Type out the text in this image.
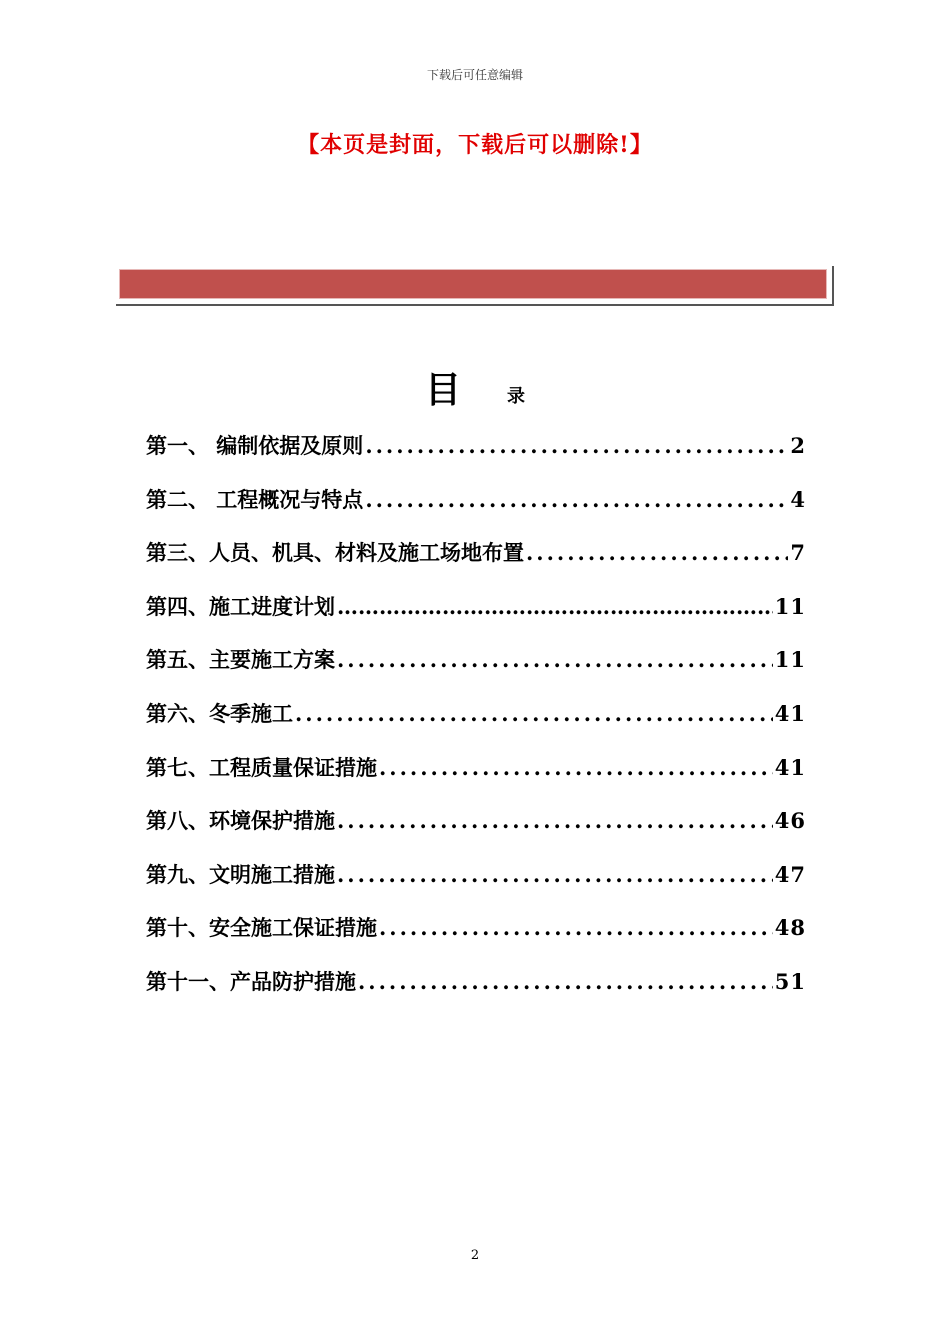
下载后可任意编辑
【本页是封面，下载后可以删除!】
目	录
第一、 编制依据及原则 .....	2
第二、 工程概况与特点 .....	4
第三、人员、机具、材料及施工场地布置 .....	7
第四、施工进度计划 ……………………………………………………………………………………………………	11
第五、主要施工方案 .....	11
第六、冬季施工 .....	41
第七、工程质量保证措施 .....	41
第八、环境保护措施 .....	46
第九、文明施工措施 .....	47
第十、安全施工保证措施 .....	48
第十一、产品防护措施 .....	51
2
